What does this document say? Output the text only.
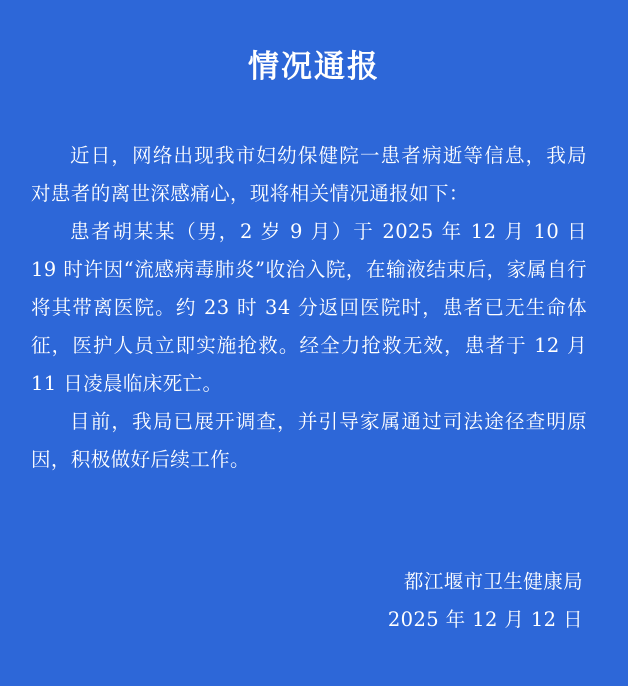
情况通报

近日，网络出现我市妇幼保健院一患者病逝等信息，我局对患者的离世深感痛心，现将相关情况通报如下：

患者胡某某（男，2 岁 9 月）于 2025 年 12 月 10 日 19 时许因“流感病毒肺炎”收治入院，在输液结束后，家属自行将其带离医院。约 23 时 34 分返回医院时，患者已无生命体征，医护人员立即实施抢救。经全力抢救无效，患者于 12 月 11 日凌晨临床死亡。

目前，我局已展开调查，并引导家属通过司法途径查明原因，积极做好后续工作。

都江堰市卫生健康局
2025 年 12 月 12 日
